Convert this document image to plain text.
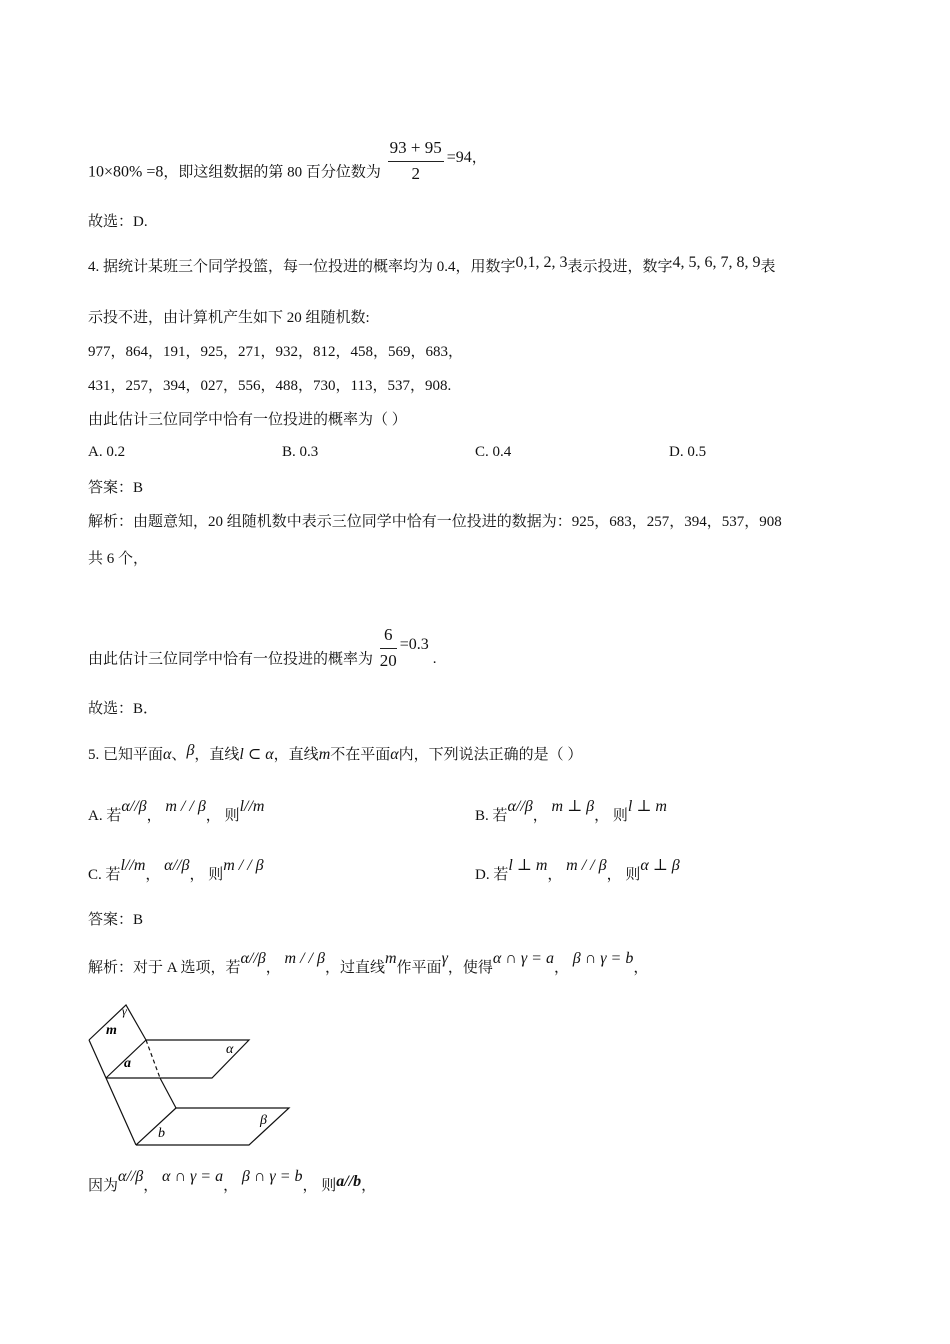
10×80% =8，即这组数据的第 80 百分位数为 $\frac{93 + 95}{2} =94$，
故选：D.
4. 据统计某班三个同学投篮，每一位投进的概率均为 0.4，用数字0,1, 2, 3表示投进，数字4, 5, 6, 7, 8, 9表
示投不进，由计算机产生如下 20 组随机数:
977，864，191，925，271，932，812，458，569，683，
431，257，394，027，556，488，730，113，537，908.
由此估计三位同学中恰有一位投进的概率为（ ）
A. 0.2	B. 0.3	C. 0.4	D. 0.5
答案：B
解析：由题意知，20 组随机数中表示三位同学中恰有一位投进的数据为：925，683，257，394，537，908
共 6 个，
由此估计三位同学中恰有一位投进的概率为 $\frac{6}{20} =0.3$.
故选：B．
5. 已知平面α、β，直线l ⊂ α，直线m不在平面α内，下列说法正确的是（ ）
A. 若α//β， m / / β， 则l//m
B. 若α//β， m ⊥ β， 则l ⊥ m
C. 若l//m， α//β， 则m / / β
D. 若l ⊥ m， m / / β， 则α ⊥ β
答案：B
解析：对于 A 选项，若α//β， m / / β，过直线m作平面γ，使得α ∩ γ = a， β ∩ γ = b，
γ
m
α
a
β
b
因为α//β， α ∩ γ = a， β ∩ γ = b， 则a//b，
